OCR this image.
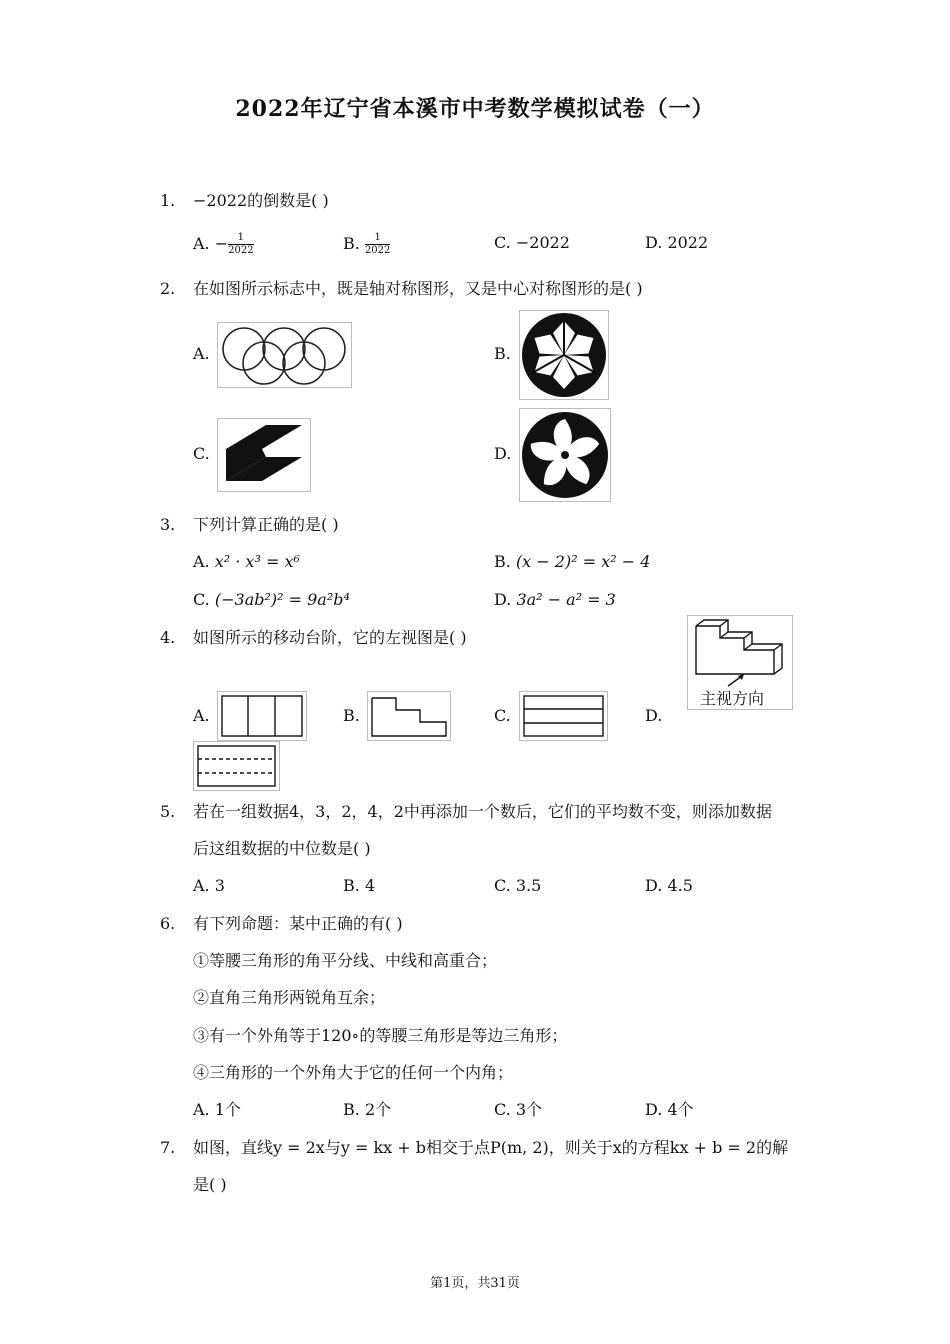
2022年辽宁省本溪市中考数学模拟试卷（一）
1. −2022的倒数是( )
A. − $\frac{1}{2022}$	B. $\frac{1}{2022}$	C. −2022	D. 2022
2. 在如图所示标志中，既是轴对称图形，又是中心对称图形的是( )
A.	B.
C.	D.
3. 下列计算正确的是( )
A. x² · x³ = x⁶	B. (x − 2)² = x² − 4
C. (−3ab²)² = 9a²b⁴	D. 3a² − a² = 3
4. 如图所示的移动台阶，它的左视图是( )
主视方向
A.	B.	C.	D.
5. 若在一组数据4，3，2，4，2中再添加一个数后，它们的平均数不变，则添加数据
后这组数据的中位数是( )
A. 3	B. 4	C. 3.5	D. 4.5
6. 有下列命题：某中正确的有( )
①等腰三角形的角平分线、中线和高重合；
②直角三角形两锐角互余；
③有一个外角等于120∘的等腰三角形是等边三角形；
④三角形的一个外角大于它的任何一个内角；
A. 1个	B. 2个	C. 3个	D. 4个
7. 如图，直线y = 2x与y = kx + b相交于点P(m, 2)，则关于x的方程kx + b = 2的解
是( )
第1页，共31页
